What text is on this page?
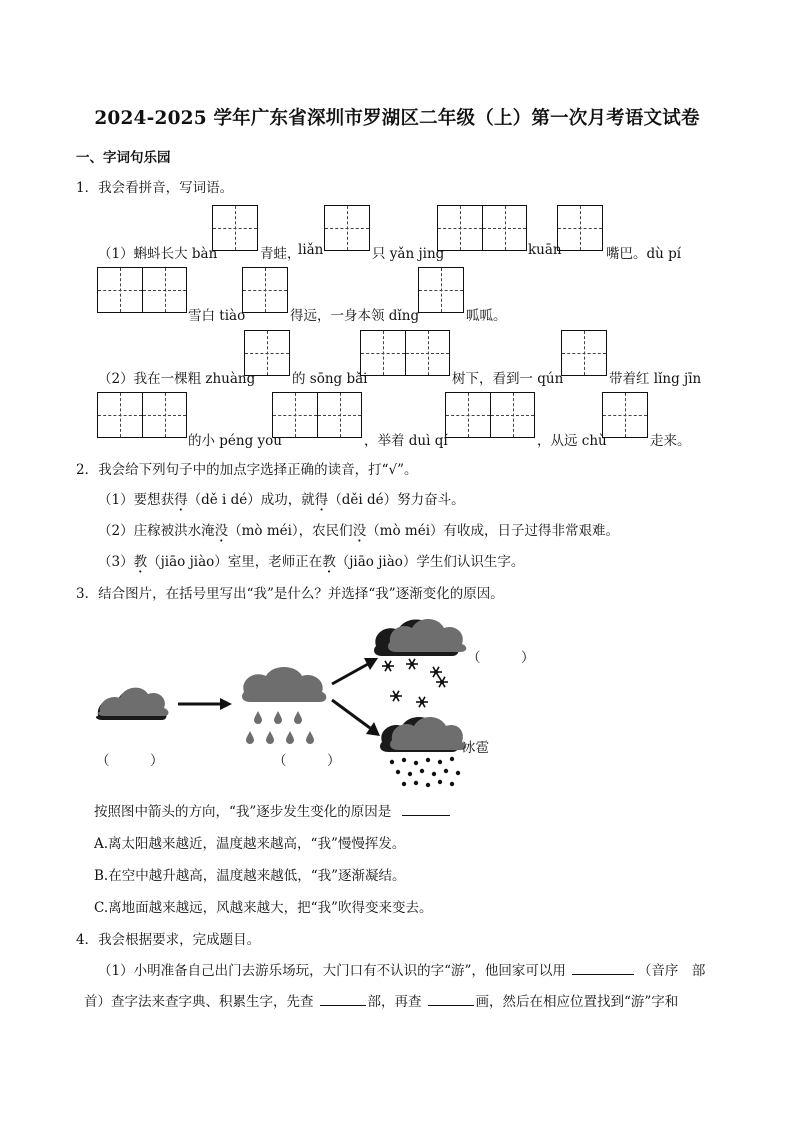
2024-2025 学年广东省深圳市罗湖区二年级（上）第一次月考语文试卷
一、字词句乐园
1．我会看拼音，写词语。
（1）蝌蚪长大 bàn	青蛙，
liǎn	只 yǎn jing	kuān	嘴巴。dù pí
雪白 tiào	得远，一身本领 dǐng	呱呱。
（2）我在一棵粗 zhuàng	的 sōng bǎi	树下，看到一 qún	带着红 lǐng jīn
的小 péng you	，举着 duì qí	，从远 chù	走来。
2．我会给下列句子中的加点字选择正确的读音，打“√”。
（1）要想获得（dě i dé）成功，就得（děi dé）努力奋斗。
（2）庄稼被洪水淹没（mò méi），农民们没（mò méi）有收成，日子过得非常艰难。
（3）教（jiāo jiào）室里，老师正在教（jiāo jiào）学生们认识生字。
3．结合图片，在括号里写出“我”是什么？并选择“我”逐渐变化的原因。
（　　　）
（　　　）	（　　　）
冰雹
按照图中箭头的方向，“我”逐步发生变化的原因是
A.离太阳越来越近，温度越来越高，“我”慢慢挥发。
B.在空中越升越高，温度越来越低，“我”逐渐凝结。
C.离地面越来越远，风越来越大，把“我”吹得变来变去。
4．我会根据要求，完成题目。
（1）小明准备自己出门去游乐场玩，大门口有不认识的字“游”，他回家可以用	（音序　部
首）查字法来查字典、积累生字，先查	部，再查	画，然后在相应位置找到“游”字和
